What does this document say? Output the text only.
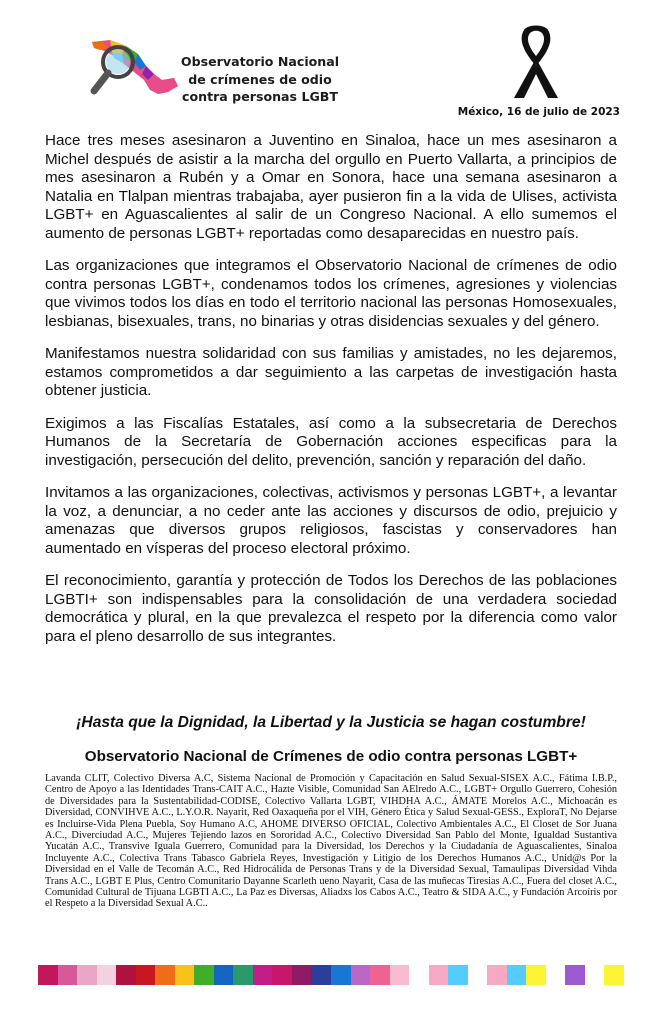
Observatorio Nacional
de crímenes de odio
contra personas LGBT
México, 16 de julio de 2023

Hace tres meses asesinaron a Juventino en Sinaloa, hace un mes asesinaron a Michel después de asistir a la marcha del orgullo en Puerto Vallarta, a principios de mes asesinaron a Rubén y a Omar en Sonora, hace una semana asesinaron a Natalia en Tlalpan mientras trabajaba, ayer pusieron fin a la vida de Ulises, activista LGBT+ en Aguascalientes al salir de un Congreso Nacional. A ello sumemos el aumento de personas LGBT+ reportadas como desaparecidas en nuestro país.

Las organizaciones que integramos el Observatorio Nacional de crímenes de odio contra personas LGBT+, condenamos todos los crímenes, agresiones y violencias que vivimos todos los días en todo el territorio nacional las personas Homosexuales, lesbianas, bisexuales, trans, no binarias y otras disidencias sexuales y del género.

Manifestamos nuestra solidaridad con sus familias y amistades, no les dejaremos, estamos comprometidos a dar seguimiento a las carpetas de investigación hasta obtener justicia.

Exigimos a las Fiscalías Estatales, así como a la subsecretaria de Derechos Humanos de la Secretaría de Gobernación acciones especificas para la investigación, persecución del delito, prevención, sanción y reparación del daño.

Invitamos a las organizaciones, colectivas, activismos y personas LGBT+, a levantar la voz, a denunciar, a no ceder ante las acciones y discursos de odio, prejuicio y amenazas que diversos grupos religiosos, fascistas y conservadores han aumentado en vísperas del proceso electoral próximo.

El reconocimiento, garantía y protección de Todos los Derechos de las poblaciones LGBTI+ son indispensables para la consolidación de una verdadera sociedad democrática y plural, en la que prevalezca el respeto por la diferencia como valor para el pleno desarrollo de sus integrantes.

¡Hasta que la Dignidad, la Libertad y la Justicia se hagan costumbre!
Observatorio Nacional de Crímenes de odio contra personas LGBT+
Lavanda CLIT, Colectivo Diversa A.C, Sistema Nacional de Promoción y Capacitación en Salud Sexual-SISEX A.C., Fátima I.B.P., Centro de Apoyo a las Identidades Trans-CAIT A.C., Hazte Visible, Comunidad San AElredo A.C., LGBT+ Orgullo Guerrero, Cohesión de Diversidades para la Sustentabilidad-CODISE, Colectivo Vallarta LGBT, VIHDHA A.C., ÁMATE Morelos A.C., Michoacán es Diversidad, CONVIHVE A.C., L.Y.O.R. Nayarit, Red Oaxaqueña por el VIH, Género Ética y Salud Sexual-GESS., ExploraT, No Dejarse es Incluirse-Vida Plena Puebla, Soy Humano A.C, AHOME DIVERSO OFICIAL, Colectivo Ambientales A.C., El Closet de Sor Juana A.C., Diverciudad A.C., Mujeres Tejiendo lazos en Sororidad A.C., Colectivo Diversidad San Pablo del Monte, Igualdad Sustantiva Yucatán A.C., Transvive Iguala Guerrero, Comunidad para la Diversidad, los Derechos y la Ciudadanía de Aguascalientes, Sinaloa Incluyente A.C., Colectiva Trans Tabasco Gabriela Reyes, Investigación y Litigio de los Derechos Humanos A.C., Unid@s Por la Diversidad en el Valle de Tecomán A.C., Red Hidrocálida de Personas Trans y de la Diversidad Sexual, Tamaulipas Diversidad Vihda Trans A.C., LGBT E Plus, Centro Comunitario Dayanne Scarleth ueno Nayarit, Casa de las muñecas Tiresias A.C., Fuera del closet A.C., Comunidad Cultural de Tijuana LGBTI A.C., La Paz es Diversas, Aliadxs los Cabos A.C., Teatro & SIDA A.C., y Fundación Arcoíris por el Respeto a la Diversidad Sexual A.C..
